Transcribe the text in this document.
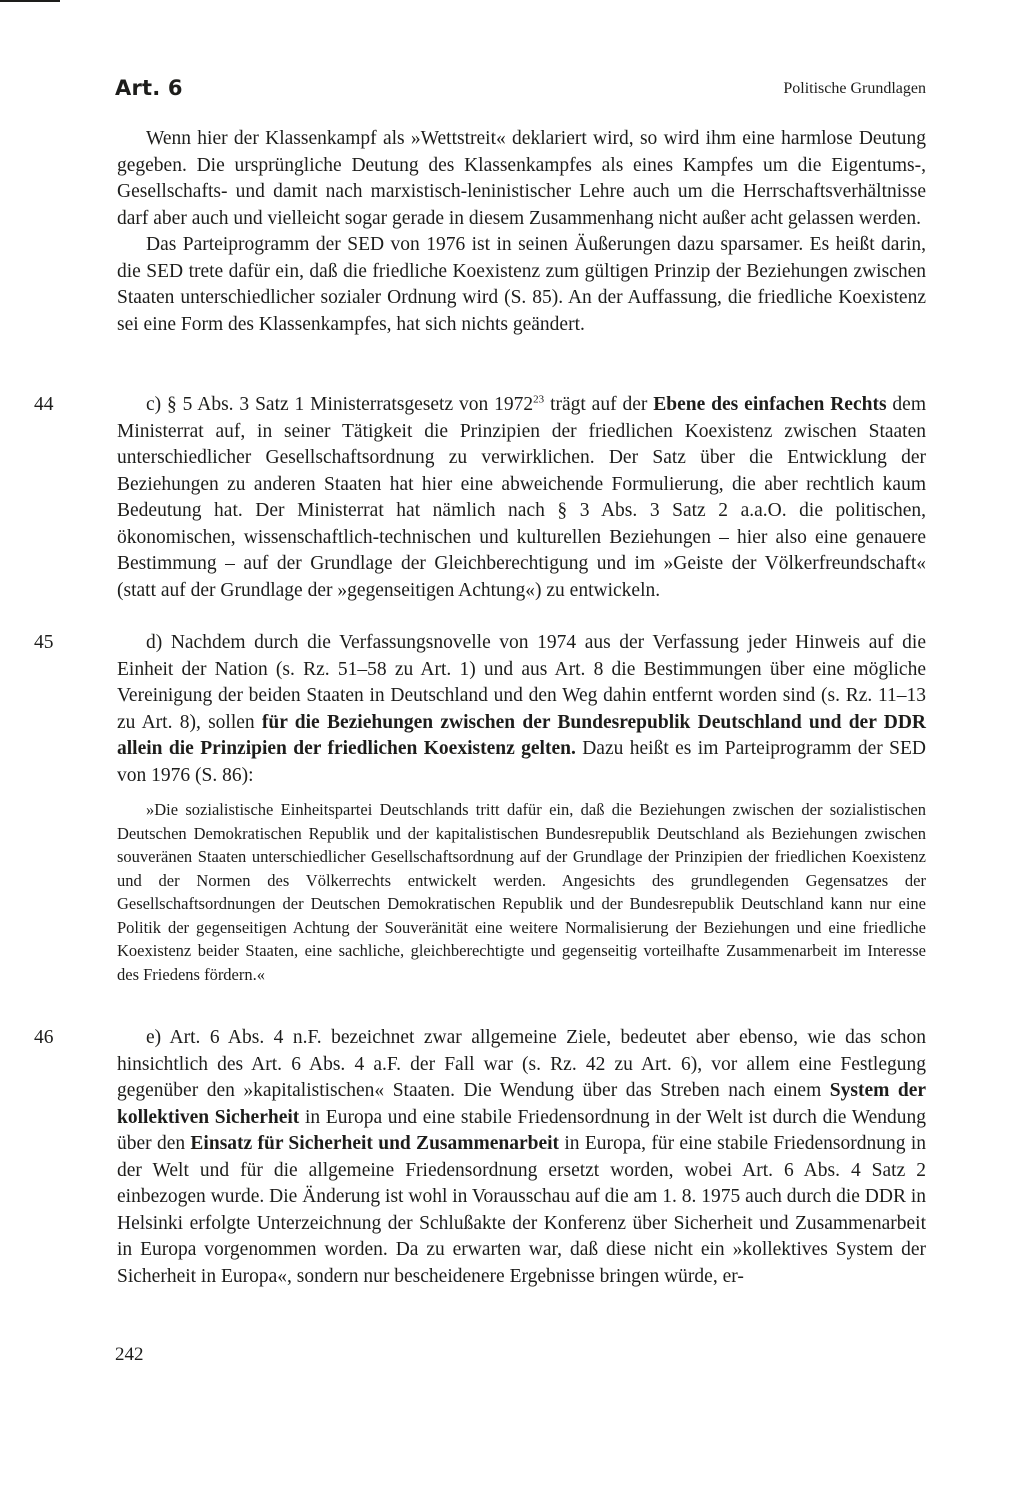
Art. 6	Politische Grundlagen

Wenn hier der Klassenkampf als »Wettstreit« deklariert wird, so wird ihm eine harmlose Deutung gegeben. Die ursprüngliche Deutung des Klassenkampfes als eines Kampfes um die Eigentums-, Gesellschafts- und damit nach marxistisch-leninistischer Lehre auch um die Herrschaftsverhältnisse darf aber auch und vielleicht sogar gerade in diesem Zusammenhang nicht außer acht gelassen werden.

Das Parteiprogramm der SED von 1976 ist in seinen Äußerungen dazu sparsamer. Es heißt darin, die SED trete dafür ein, daß die friedliche Koexistenz zum gültigen Prinzip der Beziehungen zwischen Staaten unterschiedlicher sozialer Ordnung wird (S. 85). An der Auffassung, die friedliche Koexistenz sei eine Form des Klassenkampfes, hat sich nichts geändert.

44	c) § 5 Abs. 3 Satz 1 Ministerratsgesetz von 1972$^{23}$ trägt auf der Ebene des einfachen Rechts dem Ministerrat auf, in seiner Tätigkeit die Prinzipien der friedlichen Koexistenz zwischen Staaten unterschiedlicher Gesellschaftsordnung zu verwirklichen. Der Satz über die Entwicklung der Beziehungen zu anderen Staaten hat hier eine abweichende Formulierung, die aber rechtlich kaum Bedeutung hat. Der Ministerrat hat nämlich nach § 3 Abs. 3 Satz 2 a.a.O. die politischen, ökonomischen, wissenschaftlich-technischen und kulturellen Beziehungen – hier also eine genauere Bestimmung – auf der Grundlage der Gleichberechtigung und im »Geiste der Völkerfreundschaft« (statt auf der Grundlage der »gegenseitigen Achtung«) zu entwickeln.

45	d) Nachdem durch die Verfassungsnovelle von 1974 aus der Verfassung jeder Hinweis auf die Einheit der Nation (s. Rz. 51–58 zu Art. 1) und aus Art. 8 die Bestimmungen über eine mögliche Vereinigung der beiden Staaten in Deutschland und den Weg dahin entfernt worden sind (s. Rz. 11–13 zu Art. 8), sollen für die Beziehungen zwischen der Bundesrepublik Deutschland und der DDR allein die Prinzipien der friedlichen Koexistenz gelten. Dazu heißt es im Parteiprogramm der SED von 1976 (S. 86):

»Die sozialistische Einheitspartei Deutschlands tritt dafür ein, daß die Beziehungen zwischen der sozialistischen Deutschen Demokratischen Republik und der kapitalistischen Bundesrepublik Deutschland als Beziehungen zwischen souveränen Staaten unterschiedlicher Gesellschaftsordnung auf der Grundlage der Prinzipien der friedlichen Koexistenz und der Normen des Völkerrechts entwickelt werden. Angesichts des grundlegenden Gegensatzes der Gesellschaftsordnungen der Deutschen Demokratischen Republik und der Bundesrepublik Deutschland kann nur eine Politik der gegenseitigen Achtung der Souveränität eine weitere Normalisierung der Beziehungen und eine friedliche Koexistenz beider Staaten, eine sachliche, gleichberechtigte und gegenseitig vorteilhafte Zusammenarbeit im Interesse des Friedens fördern.«
46	e) Art. 6 Abs. 4 n.F. bezeichnet zwar allgemeine Ziele, bedeutet aber ebenso, wie das schon hinsichtlich des Art. 6 Abs. 4 a.F. der Fall war (s. Rz. 42 zu Art. 6), vor allem eine Festlegung gegenüber den »kapitalistischen« Staaten. Die Wendung über das Streben nach einem System der kollektiven Sicherheit in Europa und eine stabile Friedensordnung in der Welt ist durch die Wendung über den Einsatz für Sicherheit und Zusammenarbeit in Europa, für eine stabile Friedensordnung in der Welt und für die allgemeine Friedensordnung ersetzt worden, wobei Art. 6 Abs. 4 Satz 2 einbezogen wurde. Die Änderung ist wohl in Vorausschau auf die am 1. 8. 1975 auch durch die DDR in Helsinki erfolgte Unterzeichnung der Schlußakte der Konferenz über Sicherheit und Zusammenarbeit in Europa vorgenommen worden. Da zu erwarten war, daß diese nicht ein »kollektives System der Sicherheit in Europa«, sondern nur bescheidenere Ergebnisse bringen würde, er-

242
